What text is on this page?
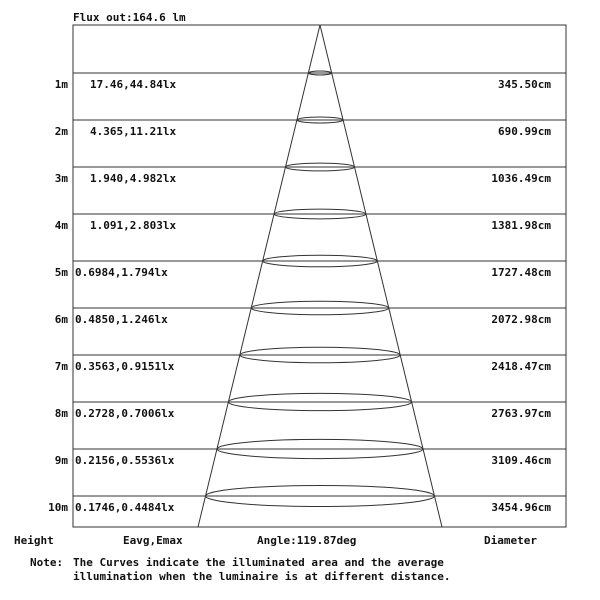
Flux out:164.6 lm
1m 17.46,44.84lx	345.50cm
2m 4.365,11.21lx	690.99cm
3m 1.940,4.982lx	1036.49cm
4m 1.091,2.803lx	1381.98cm
5m 0.6984,1.794lx	1727.48cm
6m 0.4850,1.246lx	2072.98cm
7m 0.3563,0.9151lx	2418.47cm
8m 0.2728,0.7006lx	2763.97cm
9m 0.2156,0.5536lx	3109.46cm
10m 0.1746,0.4484lx	3454.96cm
Height	Eavg,Emax	Angle:119.87deg	Diameter
Note: The Curves indicate the illuminated area and the average
illumination when the luminaire is at different distance.
